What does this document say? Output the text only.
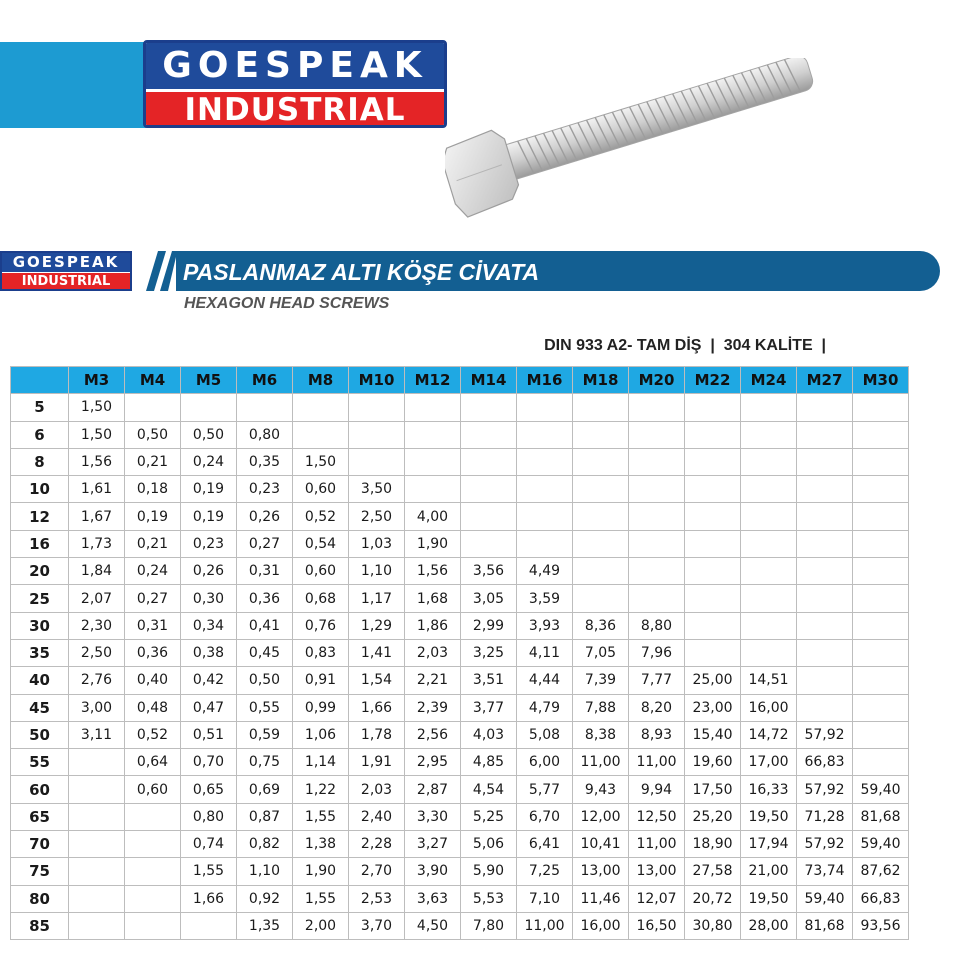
GOESPEAK
INDUSTRIAL
GOESPEAK
INDUSTRIAL	PASLANMAZ ALTI KÖŞE CİVATA
HEXAGON HEAD SCREWS
DIN 933 A2- TAM DİŞ  |  304 KALİTE  |
	M3	M4	M5	M6	M8	M10	M12	M14	M16	M18	M20	M22	M24	M27	M30
5	1,50														
6	1,50	0,50	0,50	0,80											
8	1,56	0,21	0,24	0,35	1,50										
10	1,61	0,18	0,19	0,23	0,60	3,50									
12	1,67	0,19	0,19	0,26	0,52	2,50	4,00								
16	1,73	0,21	0,23	0,27	0,54	1,03	1,90								
20	1,84	0,24	0,26	0,31	0,60	1,10	1,56	3,56	4,49						
25	2,07	0,27	0,30	0,36	0,68	1,17	1,68	3,05	3,59						
30	2,30	0,31	0,34	0,41	0,76	1,29	1,86	2,99	3,93	8,36	8,80				
35	2,50	0,36	0,38	0,45	0,83	1,41	2,03	3,25	4,11	7,05	7,96				
40	2,76	0,40	0,42	0,50	0,91	1,54	2,21	3,51	4,44	7,39	7,77	25,00	14,51		
45	3,00	0,48	0,47	0,55	0,99	1,66	2,39	3,77	4,79	7,88	8,20	23,00	16,00		
50	3,11	0,52	0,51	0,59	1,06	1,78	2,56	4,03	5,08	8,38	8,93	15,40	14,72	57,92	
55		0,64	0,70	0,75	1,14	1,91	2,95	4,85	6,00	11,00	11,00	19,60	17,00	66,83	
60		0,60	0,65	0,69	1,22	2,03	2,87	4,54	5,77	9,43	9,94	17,50	16,33	57,92	59,40
65			0,80	0,87	1,55	2,40	3,30	5,25	6,70	12,00	12,50	25,20	19,50	71,28	81,68
70			0,74	0,82	1,38	2,28	3,27	5,06	6,41	10,41	11,00	18,90	17,94	57,92	59,40
75			1,55	1,10	1,90	2,70	3,90	5,90	7,25	13,00	13,00	27,58	21,00	73,74	87,62
80			1,66	0,92	1,55	2,53	3,63	5,53	7,10	11,46	12,07	20,72	19,50	59,40	66,83
85				1,35	2,00	3,70	4,50	7,80	11,00	16,00	16,50	30,80	28,00	81,68	93,56
